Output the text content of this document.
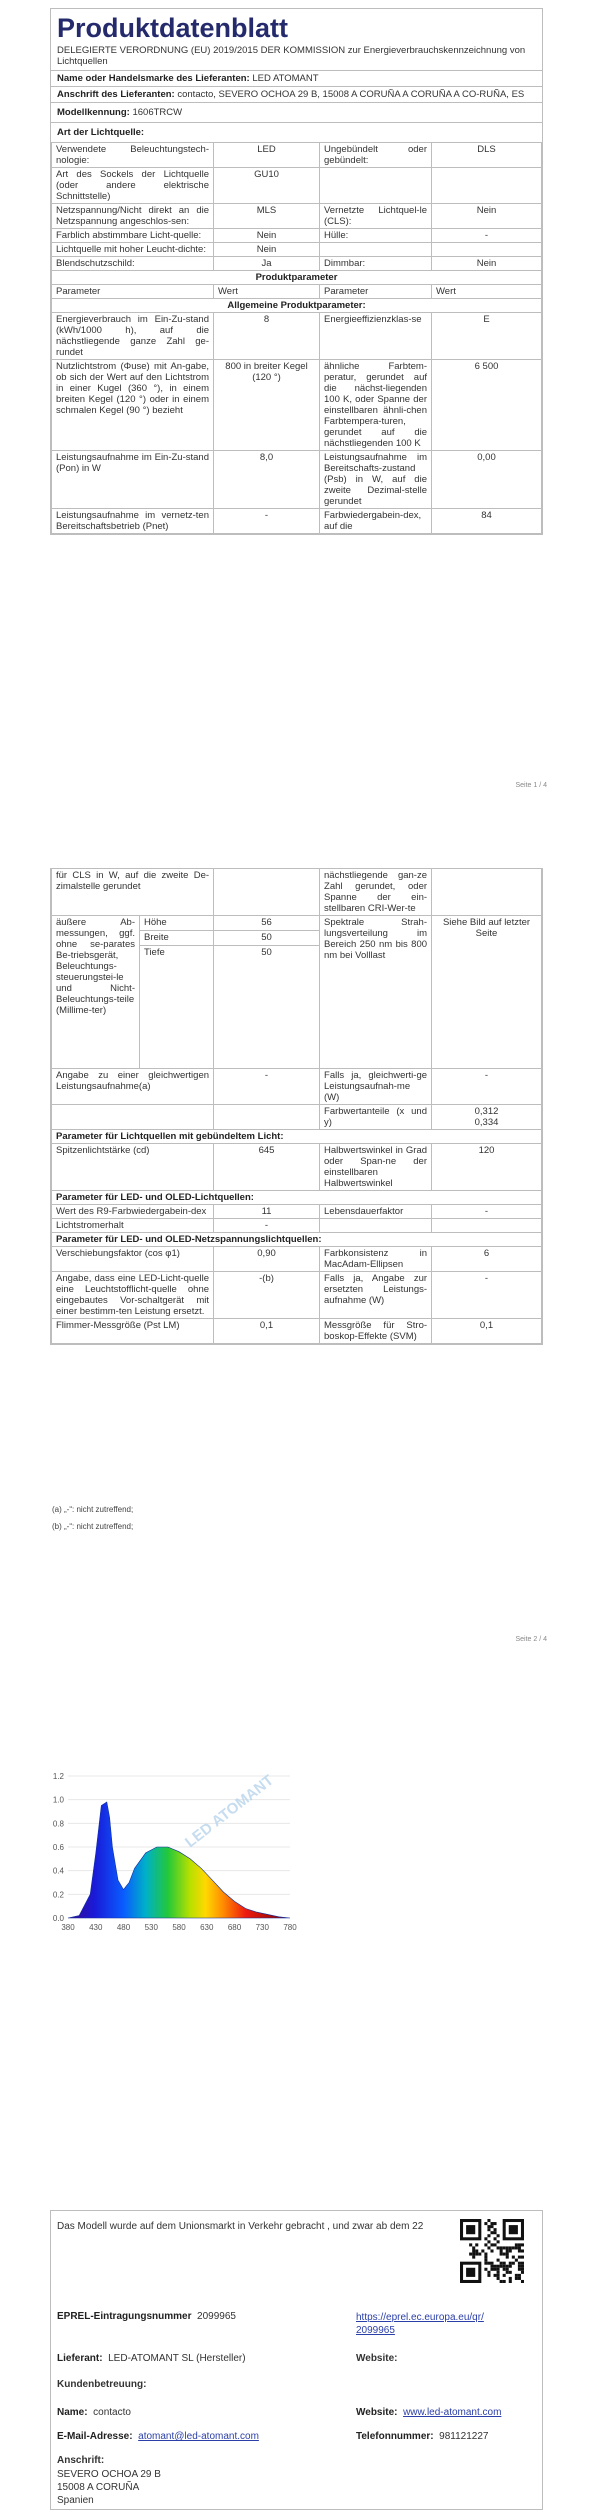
Produktdatenblatt
DELEGIERTE VERORDNUNG (EU) 2019/2015 DER KOMMISSION zur Energieverbrauchskennzeichnung von Lichtquellen
Name oder Handelsmarke des Lieferanten: LED ATOMANT
Anschrift des Lieferanten: contacto, SEVERO OCHOA 29 B, 15008 A CORUÑA A CORUÑA A CO-RUÑA, ES
Modellkennung: 1606TRCW
Art der Lichtquelle:
Verwendete Beleuchtungstech-nologie:	LED	Ungebündelt oder gebündelt:	DLS
Art des Sockels der Lichtquelle (oder andere elektrische Schnittstelle)	GU10		
Netzspannung/Nicht direkt an die Netzspannung angeschlos-sen:	MLS	Vernetzte Lichtquel-le (CLS):	Nein
Farblich abstimmbare Licht-quelle:	Nein	Hülle:	-
Lichtquelle mit hoher Leucht-dichte:	Nein		
Blendschutzschild:	Ja	Dimmbar:	Nein
Produktparameter			
Parameter	Wert	Parameter	Wert
Allgemeine Produktparameter:			
Energieverbrauch im Ein-Zu-stand (kWh/1000 h), auf die nächstliegende ganze Zahl ge-rundet	8	Energieeffizienzklas-se	E
Nutzlichtstrom (Φuse) mit An-gabe, ob sich der Wert auf den Lichtstrom in einer Kugel (360 °), in einem breiten Kegel (120 °) oder in einem schmalen Kegel (90 °) bezieht	800 in breiter Kegel (120 °)	ähnliche Farbtem-peratur, gerundet auf die nächst-liegenden 100 K, oder Spanne der einstellbaren ähnli-chen Farbtempera-turen, gerundet auf die nächstliegenden 100 K	6 500
Leistungsaufnahme im Ein-Zu-stand (Pon) in W	8,0	Leistungsaufnahme im Bereitschafts-zustand (Psb) in W, auf die zweite Dezimal-stelle gerundet	0,00
Leistungsaufnahme im vernetz-ten Bereitschaftsbetrieb (Pnet)	-	Farbwiedergabein-dex, auf die	84
Seite 1 / 4
für CLS in W, auf die zweite De-zimalstelle gerundet			nächstliegende gan-ze Zahl gerundet, oder Spanne der ein-stellbaren CRI-Wer-te	
äußere Ab-messungen, ggf. ohne se-parates Be-triebsgerät, Beleuchtungs-steuerungstei-le und Nicht-Beleuchtungs-teile (Millime-ter)	Höhe	56	Spektrale Strah-lungsverteilung im Bereich 250 nm bis 800 nm bei Volllast	Siehe Bild auf letzter Seite
	Breite	50		
	Tiefe	50		
Angabe zu einer gleichwertigen Leistungsaufnahme(a)		-	Falls ja, gleichwerti-ge Leistungsaufnah-me (W)	-
			Farbwertanteile (x und y)	0,312
0,334
Parameter für Lichtquellen mit gebündeltem Licht:				
Spitzenlichtstärke (cd)		645	Halbwertswinkel in Grad oder Span-ne der einstellbaren Halbwertswinkel	120
Parameter für LED- und OLED-Lichtquellen:				
Wert des R9-Farbwiedergabein-dex		11	Lebensdauerfaktor	-
Lichtstromerhalt		-		
Parameter für LED- und OLED-Netzspannungslichtquellen:				
Verschiebungsfaktor (cos φ1)		0,90	Farbkonsistenz in MacAdam-Ellipsen	6
Angabe, dass eine LED-Licht-quelle eine Leuchtstofflicht-quelle ohne eingebautes Vor-schaltgerät mit einer bestimm-ten Leistung ersetzt.		-(b)	Falls ja, Angabe zur ersetzten Leistungs-aufnahme (W)	-
Flimmer-Messgröße (Pst LM)		0,1	Messgröße für Stro-boskop-Effekte (SVM)	0,1
(a) „-“: nicht zutreffend;
(b) „-“: nicht zutreffend;
Seite 2 / 4
LED ATOMANT
380 430 480 530 580 630 680 730 780
0.0
0.2
0.4
0.6
0.8
1.0
1.2
Das Modell wurde auf dem Unionsmarkt in Verkehr gebracht , und zwar ab dem 22
EPREL-Eintragungsnummer 2099965	https://eprel.ec.europa.eu/qr/2099965
Lieferant: LED-ATOMANT SL (Hersteller)	Website:
Kundenbetreuung:
Name: contacto	Website: www.led-atomant.com
E-Mail-Adresse: atomant@led-atomant.com	Telefonnummer: 981121227
Anschrift:
SEVERO OCHOA 29 B
15008 A CORUÑA
Spanien
